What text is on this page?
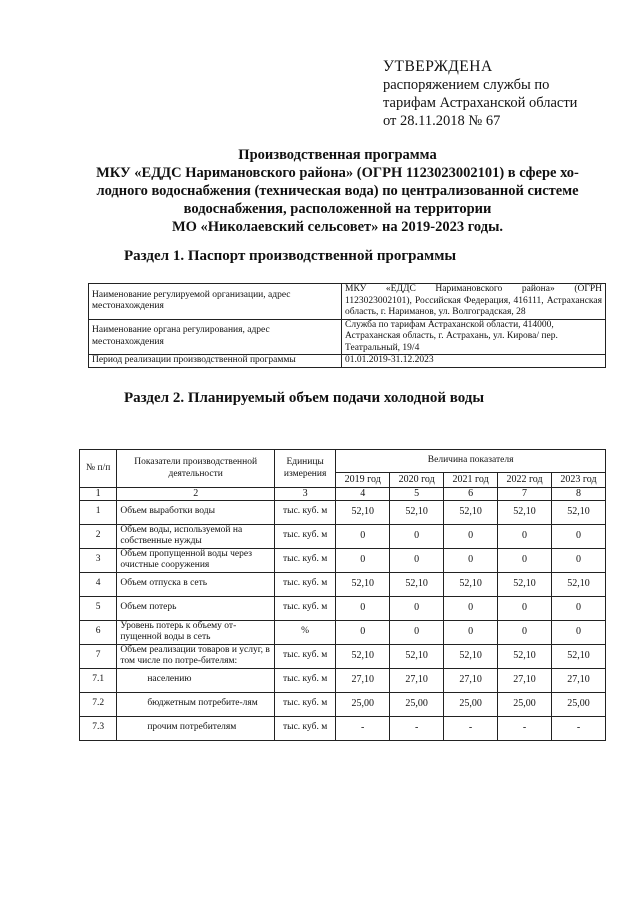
УТВЕРЖДЕНА
распоряжением службы по
тарифам Астраханской области
от 28.11.2018 № 67
Производственная программа
МКУ «ЕДДС Наримановского района» (ОГРН 1123023002101) в сфере хо-
лодного водоснабжения (техническая вода) по централизованной системе
водоснабжения, расположенной на территории
МО «Николаевский сельсовет» на 2019-2023 годы.
Раздел 1. Паспорт производственной программы
Наименование регулируемой организации, адрес местонахождения	МКУ «ЕДДС Наримановского района» (ОГРН 1123023002101), Российская Федерация, 416111, Астраханская область, г. Нариманов, ул. Волгоградская, 28
Наименование органа регулирования, адрес местонахождения	Служба по тарифам Астраханской области, 414000, Астраханская область, г. Астрахань, ул. Кирова/ пер. Театральный, 19/4
Период реализации производственной программы	01.01.2019-31.12.2023
Раздел 2. Планируемый объем подачи холодной воды
№ п/п	Показатели производственной деятельности	Единицы измерения	Величина показателя				
			2019 год	2020 год	2021 год	2022 год	2023 год
1	2	3	4	5	6	7	8
1	Объем выработки воды	тыс. куб. м	52,10	52,10	52,10	52,10	52,10
2	Объем воды, используемой на собственные нужды	тыс. куб. м	0	0	0	0	0
3	Объем пропущенной воды через очистные сооружения	тыс. куб. м	0	0	0	0	0
4	Объем отпуска в сеть	тыс. куб. м	52,10	52,10	52,10	52,10	52,10
5	Объем потерь	тыс. куб. м	0	0	0	0	0
6	Уровень потерь к объему от-пущенной воды в сеть	%	0	0	0	0	0
7	Объем реализации товаров и услуг, в том числе по потре-бителям:	тыс. куб. м	52,10	52,10	52,10	52,10	52,10
7.1	населению	тыс. куб. м	27,10	27,10	27,10	27,10	27,10
7.2	бюджетным потребите-лям	тыс. куб. м	25,00	25,00	25,00	25,00	25,00
7.3	прочим потребителям	тыс. куб. м	-	-	-	-	-
